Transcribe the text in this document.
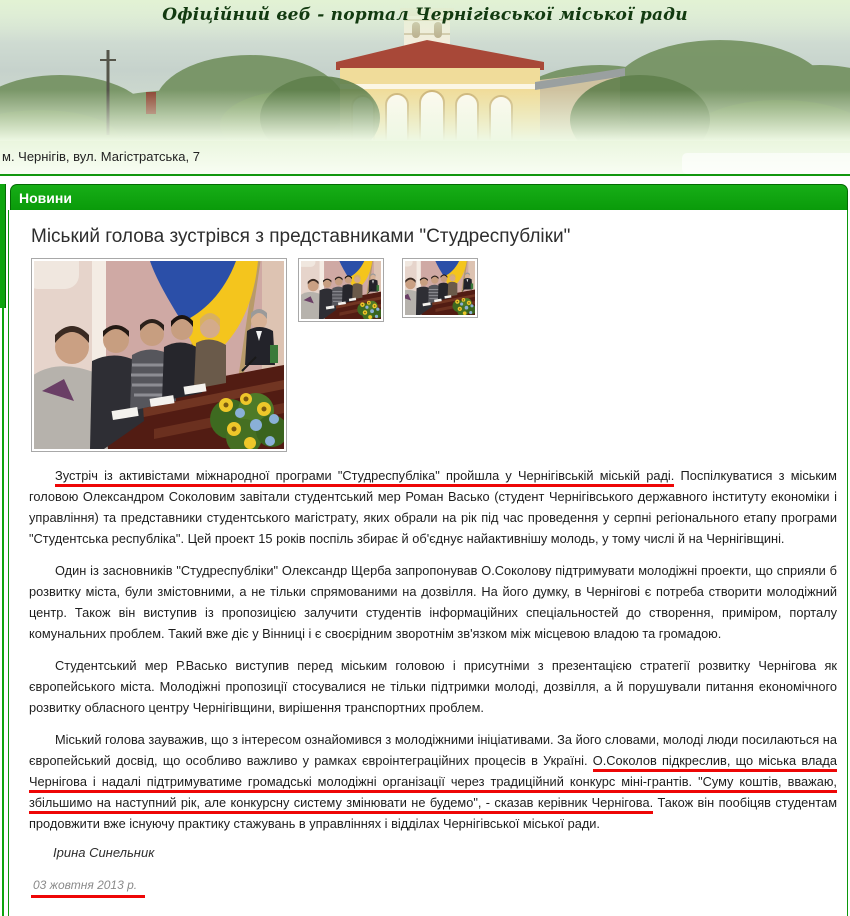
Офіційний веб - портал Чернігівської міської ради
м. Чернігів, вул. Магістратська, 7
Новини
Міський голова зустрівся з представниками "Студреспубліки"

Зустріч із активістами міжнародної програми "Студреспубліка" пройшла у Чернігівській міській раді. Поспілкуватися з міським головою Олександром Соколовим завітали студентський мер Роман Васько (студент Чернігівського державного інституту економіки і управління) та представники студентського магістрату, яких обрали на рік під час проведення у серпні регіонального етапу програми "Студентська республіка". Цей проект 15 років поспіль збирає й об'єднує найактивнішу молодь, у тому числі й на Чернігівщині.

Один із засновників "Студреспубліки" Олександр Щерба запропонував О.Соколову підтримувати молодіжні проекти, що сприяли б розвитку міста, були змістовними, а не тільки спрямованими на дозвілля. На його думку, в Чернігові є потреба створити молодіжний центр. Також він виступив із пропозицією залучити студентів інформаційних спеціальностей до створення, приміром, порталу комунальних проблем. Такий вже діє у Вінниці і є своєрідним зворотнім зв'язком між місцевою владою та громадою.

Студентський мер Р.Васько виступив перед міським головою і присутніми з презентацією стратегії розвитку Чернігова як європейського міста. Молодіжні пропозиції стосувалися не тільки підтримки молоді, дозвілля, а й порушували питання економічного розвитку обласного центру Чернігівщини, вирішення транспортних проблем.

Міський голова зауважив, що з інтересом ознайомився з молодіжними ініціативами. За його словами, молоді люди посилаються на європейський досвід, що особливо важливо у рамках євроінтеграційних процесів в Україні. О.Соколов підкреслив, що міська влада Чернігова і надалі підтримуватиме громадські молодіжні організації через традиційний конкурс міні-грантів. "Суму коштів, вважаю, збільшимо на наступний рік, але конкурсну систему змінювати не будемо", - сказав керівник Чернігова. Також він пообіцяв студентам продовжити вже існуючу практику стажувань в управліннях і відділах Чернігівської міської ради.

Ірина Синельник

03 жовтня 2013 р.
